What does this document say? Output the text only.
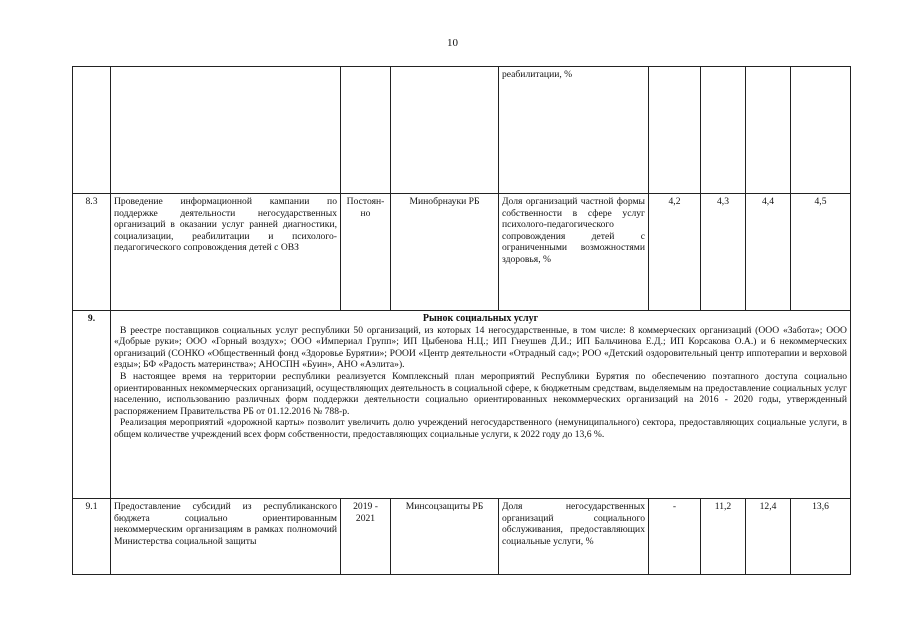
10
				реабилитации, %				
8.3	Проведение информационной кампании по поддержке деятельности негосударственных организаций в оказании услуг ранней диагностики, социализации, реабилитации и психолого-педагогического сопровождения детей с ОВЗ	Постоян-но	Минобрнауки РБ	Доля организаций частной формы собственности в сфере услуг психолого-педагогического сопровождения детей с ограниченными возможностями здоровья, %	4,2	4,3	4,4	4,5
9.	Рынок социальных услуг

В реестре поставщиков социальных услуг республики 50 организаций, из которых 14 негосударственные, в том числе: 8 коммерческих организаций (ООО «Забота»; ООО «Добрые руки»; ООО «Горный воздух»; ООО «Империал Групп»; ИП Цыбенова Н.Ц.; ИП Гнеушев Д.И.; ИП Бальчинова Е.Д.; ИП Корсакова О.А.) и 6 некоммерческих организаций (СОНКО «Общественный фонд «Здоровье Бурятии»; РООИ «Центр деятельности «Отрадный сад»; РОО «Детский оздоровительный центр иппотерапии и верховой езды»; БФ «Радость материнства»; АНОСПН «Буин», АНО «Аэлита»).

В настоящее время на территории республики реализуется Комплексный план мероприятий Республики Бурятия по обеспечению поэтапного доступа социально ориентированных некоммерческих организаций, осуществляющих деятельность в социальной сфере, к бюджетным средствам, выделяемым на предоставление социальных услуг населению, использованию различных форм поддержки деятельности социально ориентированных некоммерческих организаций на 2016 - 2020 годы, утвержденный распоряжением Правительства РБ от 01.12.2016 № 788-р.

Реализация мероприятий «дорожной карты» позволит увеличить долю учреждений негосударственного (немуниципального) сектора, предоставляющих социальные услуги, в общем количестве учреждений всех форм собственности, предоставляющих социальные услуги, к 2022 году до 13,6 %.							

9.1	Предоставление субсидий из республиканского бюджета социально ориентированным некоммерческим организациям в рамках полномочий Министерства социальной защиты	2019 - 2021	Минсоцзащиты РБ	Доля негосударственных организаций социального обслуживания, предоставляющих социальные услуги, %	-	11,2	12,4	13,6
